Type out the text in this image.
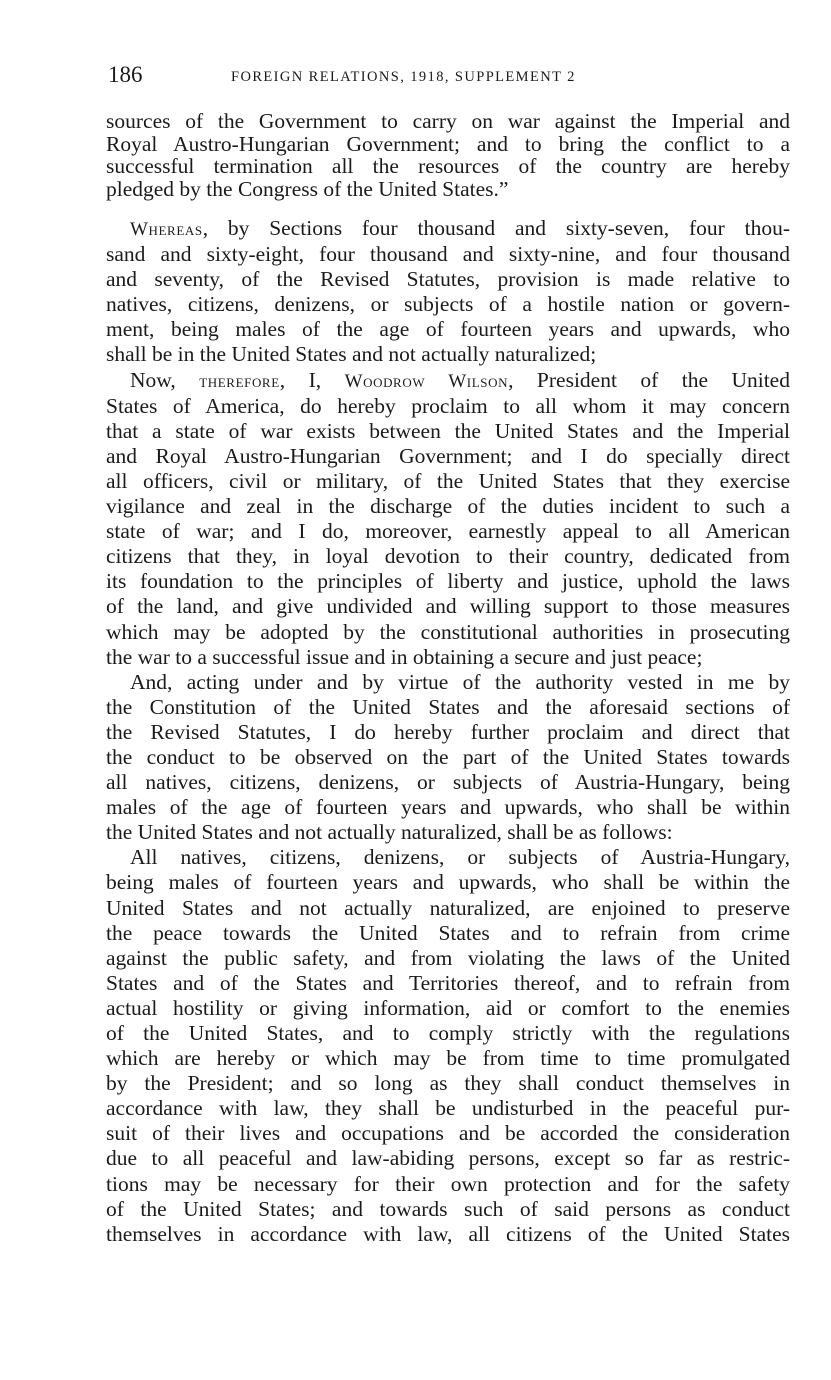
186	FOREIGN RELATIONS, 1918, SUPPLEMENT 2
sources of the Government to carry on war against the Imperial and
Royal Austro-Hungarian Government; and to bring the conflict to a
successful termination all the resources of the country are hereby
pledged by the Congress of the United States.”
Whereas, by Sections four thousand and sixty-seven, four thou-
sand and sixty-eight, four thousand and sixty-nine, and four thousand
and seventy, of the Revised Statutes, provision is made relative to
natives, citizens, denizens, or subjects of a hostile nation or govern-
ment, being males of the age of fourteen years and upwards, who
shall be in the United States and not actually naturalized;
Now, therefore, I, Woodrow Wilson, President of the United
States of America, do hereby proclaim to all whom it may concern
that a state of war exists between the United States and the Imperial
and Royal Austro-Hungarian Government; and I do specially direct
all officers, civil or military, of the United States that they exercise
vigilance and zeal in the discharge of the duties incident to such a
state of war; and I do, moreover, earnestly appeal to all American
citizens that they, in loyal devotion to their country, dedicated from
its foundation to the principles of liberty and justice, uphold the laws
of the land, and give undivided and willing support to those measures
which may be adopted by the constitutional authorities in prosecuting
the war to a successful issue and in obtaining a secure and just peace;
And, acting under and by virtue of the authority vested in me by
the Constitution of the United States and the aforesaid sections of
the Revised Statutes, I do hereby further proclaim and direct that
the conduct to be observed on the part of the United States towards
all natives, citizens, denizens, or subjects of Austria-Hungary, being
males of the age of fourteen years and upwards, who shall be within
the United States and not actually naturalized, shall be as follows:
All natives, citizens, denizens, or subjects of Austria-Hungary,
being males of fourteen years and upwards, who shall be within the
United States and not actually naturalized, are enjoined to preserve
the peace towards the United States and to refrain from crime
against the public safety, and from violating the laws of the United
States and of the States and Territories thereof, and to refrain from
actual hostility or giving information, aid or comfort to the enemies
of the United States, and to comply strictly with the regulations
which are hereby or which may be from time to time promulgated
by the President; and so long as they shall conduct themselves in
accordance with law, they shall be undisturbed in the peaceful pur-
suit of their lives and occupations and be accorded the consideration
due to all peaceful and law-abiding persons, except so far as restric-
tions may be necessary for their own protection and for the safety
of the United States; and towards such of said persons as conduct
themselves in accordance with law, all citizens of the United States
